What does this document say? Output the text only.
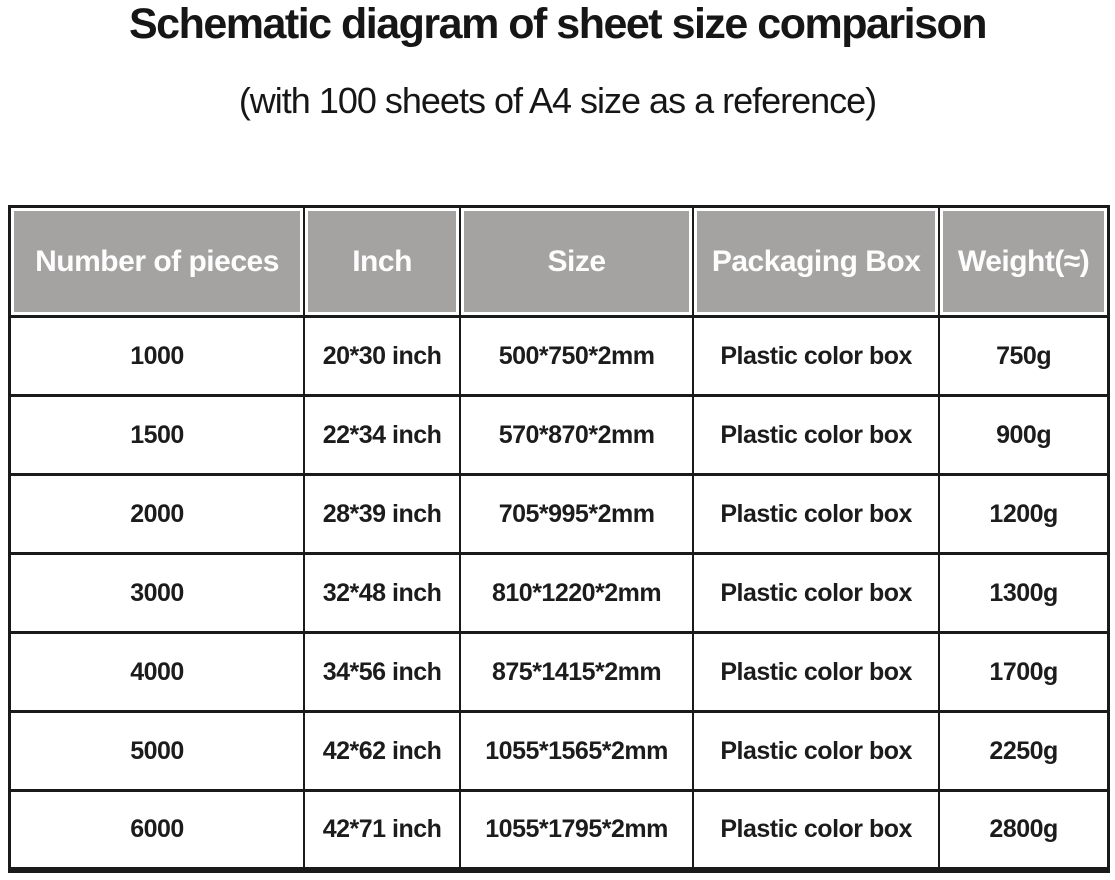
Schematic diagram of sheet size comparison
(with 100 sheets of A4 size as a reference)
Number of pieces	Inch	Size	Packaging Box	Weight(≈)

1000	20*30 inch	500*750*2mm	Plastic color box	750g
1500	22*34 inch	570*870*2mm	Plastic color box	900g
2000	28*39 inch	705*995*2mm	Plastic color box	1200g
3000	32*48 inch	810*1220*2mm	Plastic color box	1300g
4000	34*56 inch	875*1415*2mm	Plastic color box	1700g
5000	42*62 inch	1055*1565*2mm	Plastic color box	2250g
6000	42*71 inch	1055*1795*2mm	Plastic color box	2800g
